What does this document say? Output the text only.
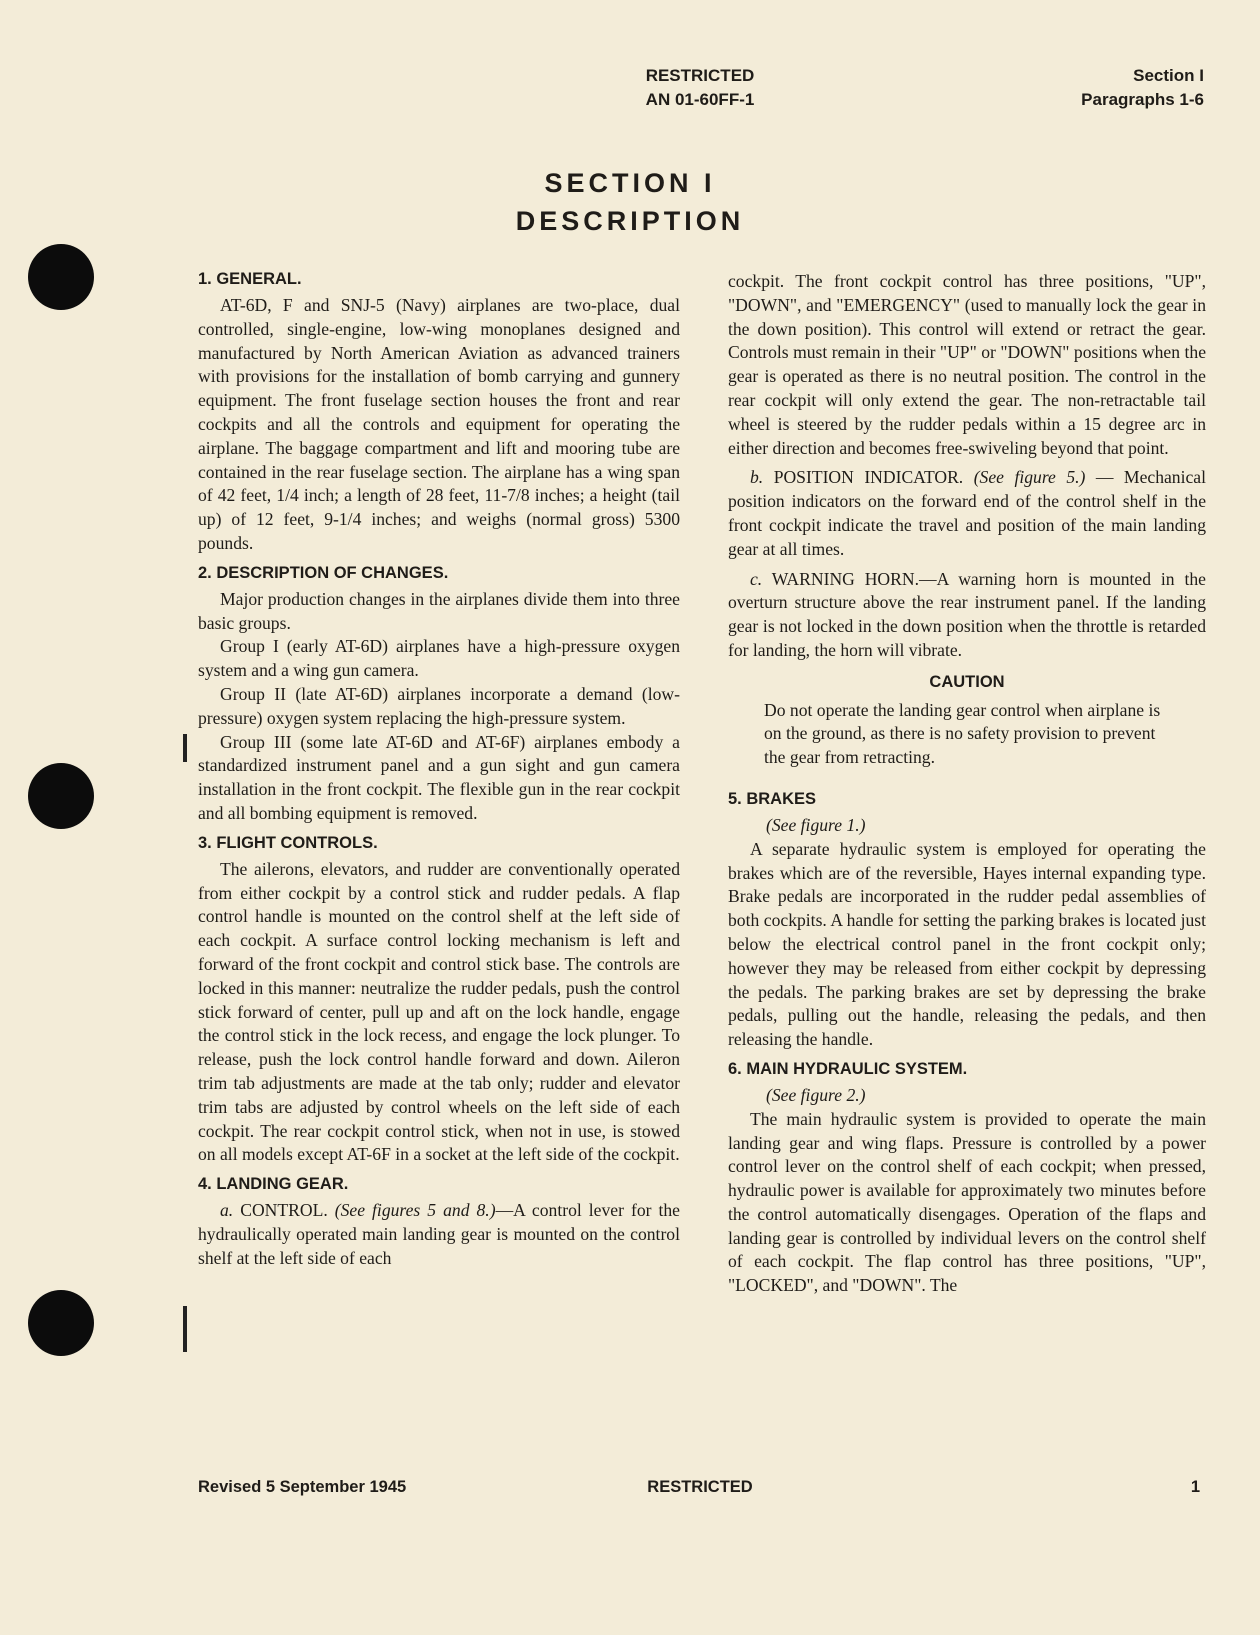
RESTRICTED
AN 01-60FF-1
Section I
Paragraphs 1-6
SECTION I
DESCRIPTION
1. GENERAL.

AT-6D, F and SNJ-5 (Navy) airplanes are two-place, dual controlled, single-engine, low-wing monoplanes designed and manufactured by North American Aviation as advanced trainers with provisions for the installation of bomb carrying and gunnery equipment. The front fuselage section houses the front and rear cockpits and all the controls and equipment for operating the airplane. The baggage compartment and lift and mooring tube are contained in the rear fuselage section. The airplane has a wing span of 42 feet, 1/4 inch; a length of 28 feet, 11-7/8 inches; a height (tail up) of 12 feet, 9-1/4 inches; and weighs (normal gross) 5300 pounds.

2. DESCRIPTION OF CHANGES.

Major production changes in the airplanes divide them into three basic groups.

Group I (early AT-6D) airplanes have a high-pressure oxygen system and a wing gun camera.

Group II (late AT-6D) airplanes incorporate a demand (low-pressure) oxygen system replacing the high-pressure system.

Group III (some late AT-6D and AT-6F) airplanes embody a standardized instrument panel and a gun sight and gun camera installation in the front cockpit. The flexible gun in the rear cockpit and all bombing equipment is removed.

3. FLIGHT CONTROLS.

The ailerons, elevators, and rudder are conventionally operated from either cockpit by a control stick and rudder pedals. A flap control handle is mounted on the control shelf at the left side of each cockpit. A surface control locking mechanism is left and forward of the front cockpit and control stick base. The controls are locked in this manner: neutralize the rudder pedals, push the control stick forward of center, pull up and aft on the lock handle, engage the control stick in the lock recess, and engage the lock plunger. To release, push the lock control handle forward and down. Aileron trim tab adjustments are made at the tab only; rudder and elevator trim tabs are adjusted by control wheels on the left side of each cockpit. The rear cockpit control stick, when not in use, is stowed on all models except AT-6F in a socket at the left side of the cockpit.

4. LANDING GEAR.

a. CONTROL. (See figures 5 and 8.)—A control lever for the hydraulically operated main landing gear is mounted on the control shelf at the left side of each

cockpit. The front cockpit control has three positions, "UP", "DOWN", and "EMERGENCY" (used to manually lock the gear in the down position). This control will extend or retract the gear. Controls must remain in their "UP" or "DOWN" positions when the gear is operated as there is no neutral position. The control in the rear cockpit will only extend the gear. The non-retractable tail wheel is steered by the rudder pedals within a 15 degree arc in either direction and becomes free-swiveling beyond that point.

b. POSITION INDICATOR. (See figure 5.) — Mechanical position indicators on the forward end of the control shelf in the front cockpit indicate the travel and position of the main landing gear at all times.

c. WARNING HORN.—A warning horn is mounted in the overturn structure above the rear instrument panel. If the landing gear is not locked in the down position when the throttle is retarded for landing, the horn will vibrate.

CAUTION

Do not operate the landing gear control when airplane is on the ground, as there is no safety provision to prevent the gear from retracting.

5. BRAKES

(See figure 1.)

A separate hydraulic system is employed for operating the brakes which are of the reversible, Hayes internal expanding type. Brake pedals are incorporated in the rudder pedal assemblies of both cockpits. A handle for setting the parking brakes is located just below the electrical control panel in the front cockpit only; however they may be released from either cockpit by depressing the pedals. The parking brakes are set by depressing the brake pedals, pulling out the handle, releasing the pedals, and then releasing the handle.

6. MAIN HYDRAULIC SYSTEM.

(See figure 2.)

The main hydraulic system is provided to operate the main landing gear and wing flaps. Pressure is controlled by a power control lever on the control shelf of each cockpit; when pressed, hydraulic power is available for approximately two minutes before the control automatically disengages. Operation of the flaps and landing gear is controlled by individual levers on the control shelf of each cockpit. The flap control has three positions, "UP", "LOCKED", and "DOWN". The

Revised 5 September 1945	RESTRICTED	1
